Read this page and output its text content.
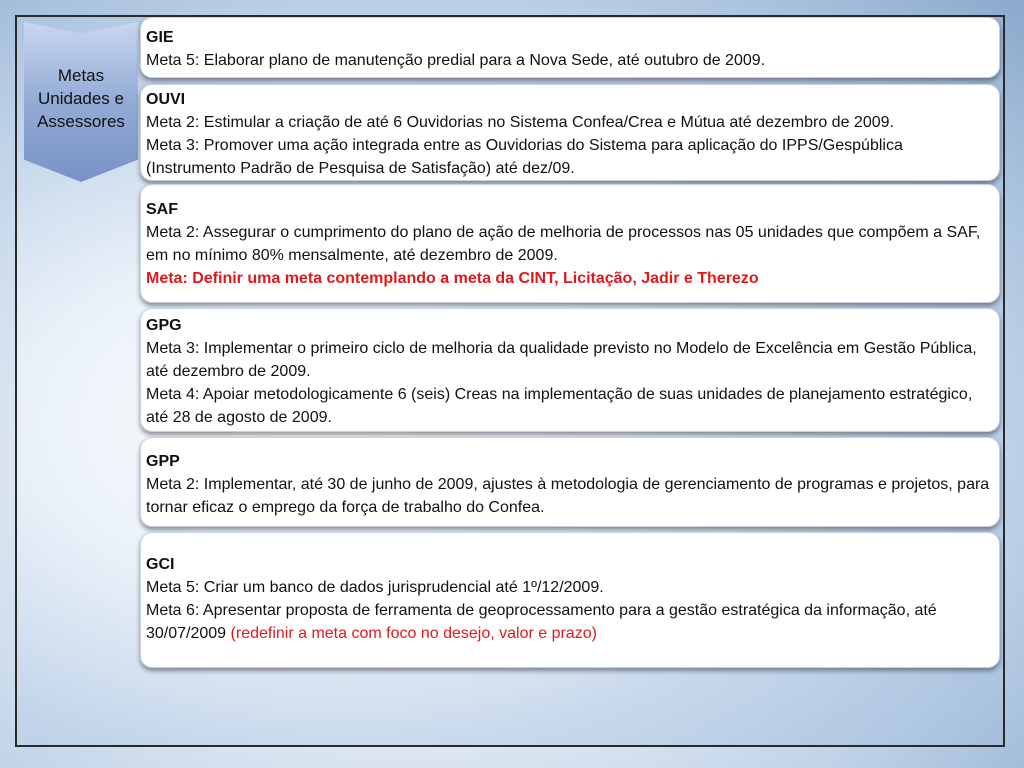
Metas
Unidades e
Assessores
GIE
Meta 5: Elaborar plano de manutenção predial para a Nova Sede, até outubro de 2009.
OUVI
Meta 2: Estimular a criação de até 6 Ouvidorias no Sistema Confea/Crea e Mútua até dezembro de 2009.
Meta 3: Promover uma ação integrada entre as Ouvidorias do Sistema para aplicação do IPPS/Gespública (Instrumento Padrão de Pesquisa de Satisfação) até dez/09.
SAF
Meta 2: Assegurar o cumprimento do plano de ação de melhoria de processos nas 05 unidades que compõem a SAF, em no mínimo 80% mensalmente, até dezembro de 2009.
Meta: Definir uma meta contemplando a meta da CINT, Licitação, Jadir e Therezo
GPG
Meta 3: Implementar o primeiro ciclo de melhoria da qualidade previsto no Modelo de Excelência em Gestão Pública, até dezembro de 2009.
Meta 4: Apoiar metodologicamente 6 (seis) Creas na implementação de suas unidades de planejamento estratégico, até 28 de agosto de 2009.
GPP
Meta 2: Implementar, até 30 de junho de 2009, ajustes à metodologia de gerenciamento de programas e projetos, para tornar eficaz o emprego da força de trabalho do Confea.
GCI
Meta 5: Criar um banco de dados jurisprudencial até 1º/12/2009.
Meta 6: Apresentar proposta de ferramenta de geoprocessamento para a gestão estratégica da informação, até 30/07/2009 (redefinir a meta com foco no desejo, valor e prazo)
